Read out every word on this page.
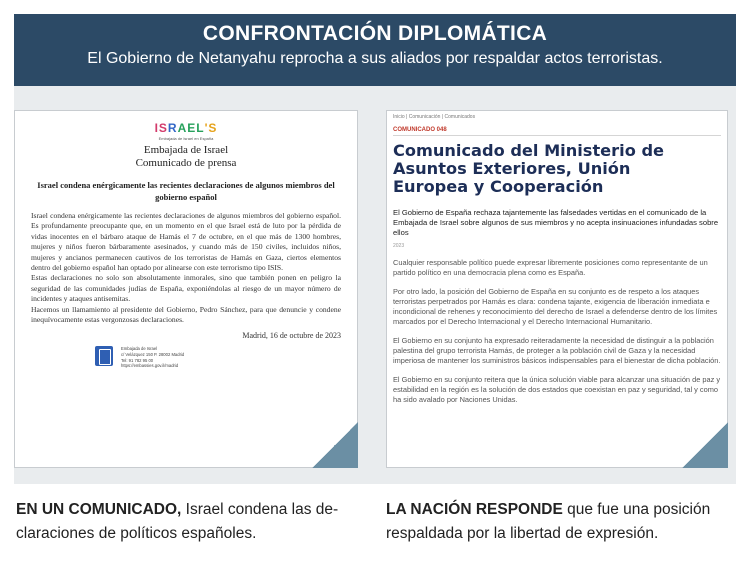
CONFRONTACIÓN DIPLOMÁTICA
El Gobierno de Netanyahu reprocha a sus aliados por respaldar actos terroristas.
ISRAEL'S
Embajada de Israel en España
Embajada de Israel
Comunicado de prensa
Israel condena enérgicamente las recientes declaraciones de algunos miembros del gobierno español

Israel condena enérgicamente las recientes declaraciones de algunos miembros del gobierno español. Es profundamente preocupante que, en un momento en el que Israel está de luto por la pérdida de vidas inocentes en el bárbaro ataque de Hamás el 7 de octubre, en el que más de 1300 hombres, mujeres y niños fueron bárbaramente asesinados, y cuando más de 150 civiles, incluidos niños, mujeres y ancianos permanecen cautivos de los terroristas de Hamás en Gaza, ciertos elementos dentro del gobierno español han optado por alinearse con este terrorismo tipo ISIS.

Estas declaraciones no solo son absolutamente inmorales, sino que también ponen en peligro la seguridad de las comunidades judías de España, exponiéndolas al riesgo de un mayor número de incidentes y ataques antisemitas.

Hacemos un llamamiento al presidente del Gobierno, Pedro Sánchez, para que denuncie y condene inequívocamente estas vergonzosas declaraciones.

Madrid, 16 de octubre de 2023
Embajada de Israel
c/ Velázquez 150 P. 28002 Madrid
Tel: 91 782 95 00
https://embassies.gov.il/madrid
Inicio | Comunicación | Comunicados
COMUNICADO 048
Comunicado del Ministerio de
Asuntos Exteriores, Unión
Europea y Cooperación
El Gobierno de España rechaza tajantemente las falsedades vertidas en el comunicado de la Embajada de Israel sobre algunos de sus miembros y no acepta insinuaciones infundadas sobre ellos
2023
Cualquier responsable político puede expresar libremente posiciones como representante de un partido político en una democracia plena como es España.
Por otro lado, la posición del Gobierno de España en su conjunto es de respeto a los ataques terroristas perpetrados por Hamás es clara: condena tajante, exigencia de liberación inmediata e incondicional de rehenes y reconocimiento del derecho de Israel a defenderse dentro de los límites marcados por el Derecho Internacional y el Derecho Internacional Humanitario.
El Gobierno en su conjunto ha expresado reiteradamente la necesidad de distinguir a la población palestina del grupo terrorista Hamás, de proteger a la población civil de Gaza y la necesidad imperiosa de mantener los suministros básicos indispensables para el bienestar de dicha población.
El Gobierno en su conjunto reitera que la única solución viable para alcanzar una situación de paz y estabilidad en la región es la solución de dos estados que coexistan en paz y seguridad, tal y como ha sido avalado por Naciones Unidas.
EN UN COMUNICADO, Israel condena las declaraciones de políticos españoles.
LA NACIÓN RESPONDE que fue una posición respaldada por la libertad de expresión.
